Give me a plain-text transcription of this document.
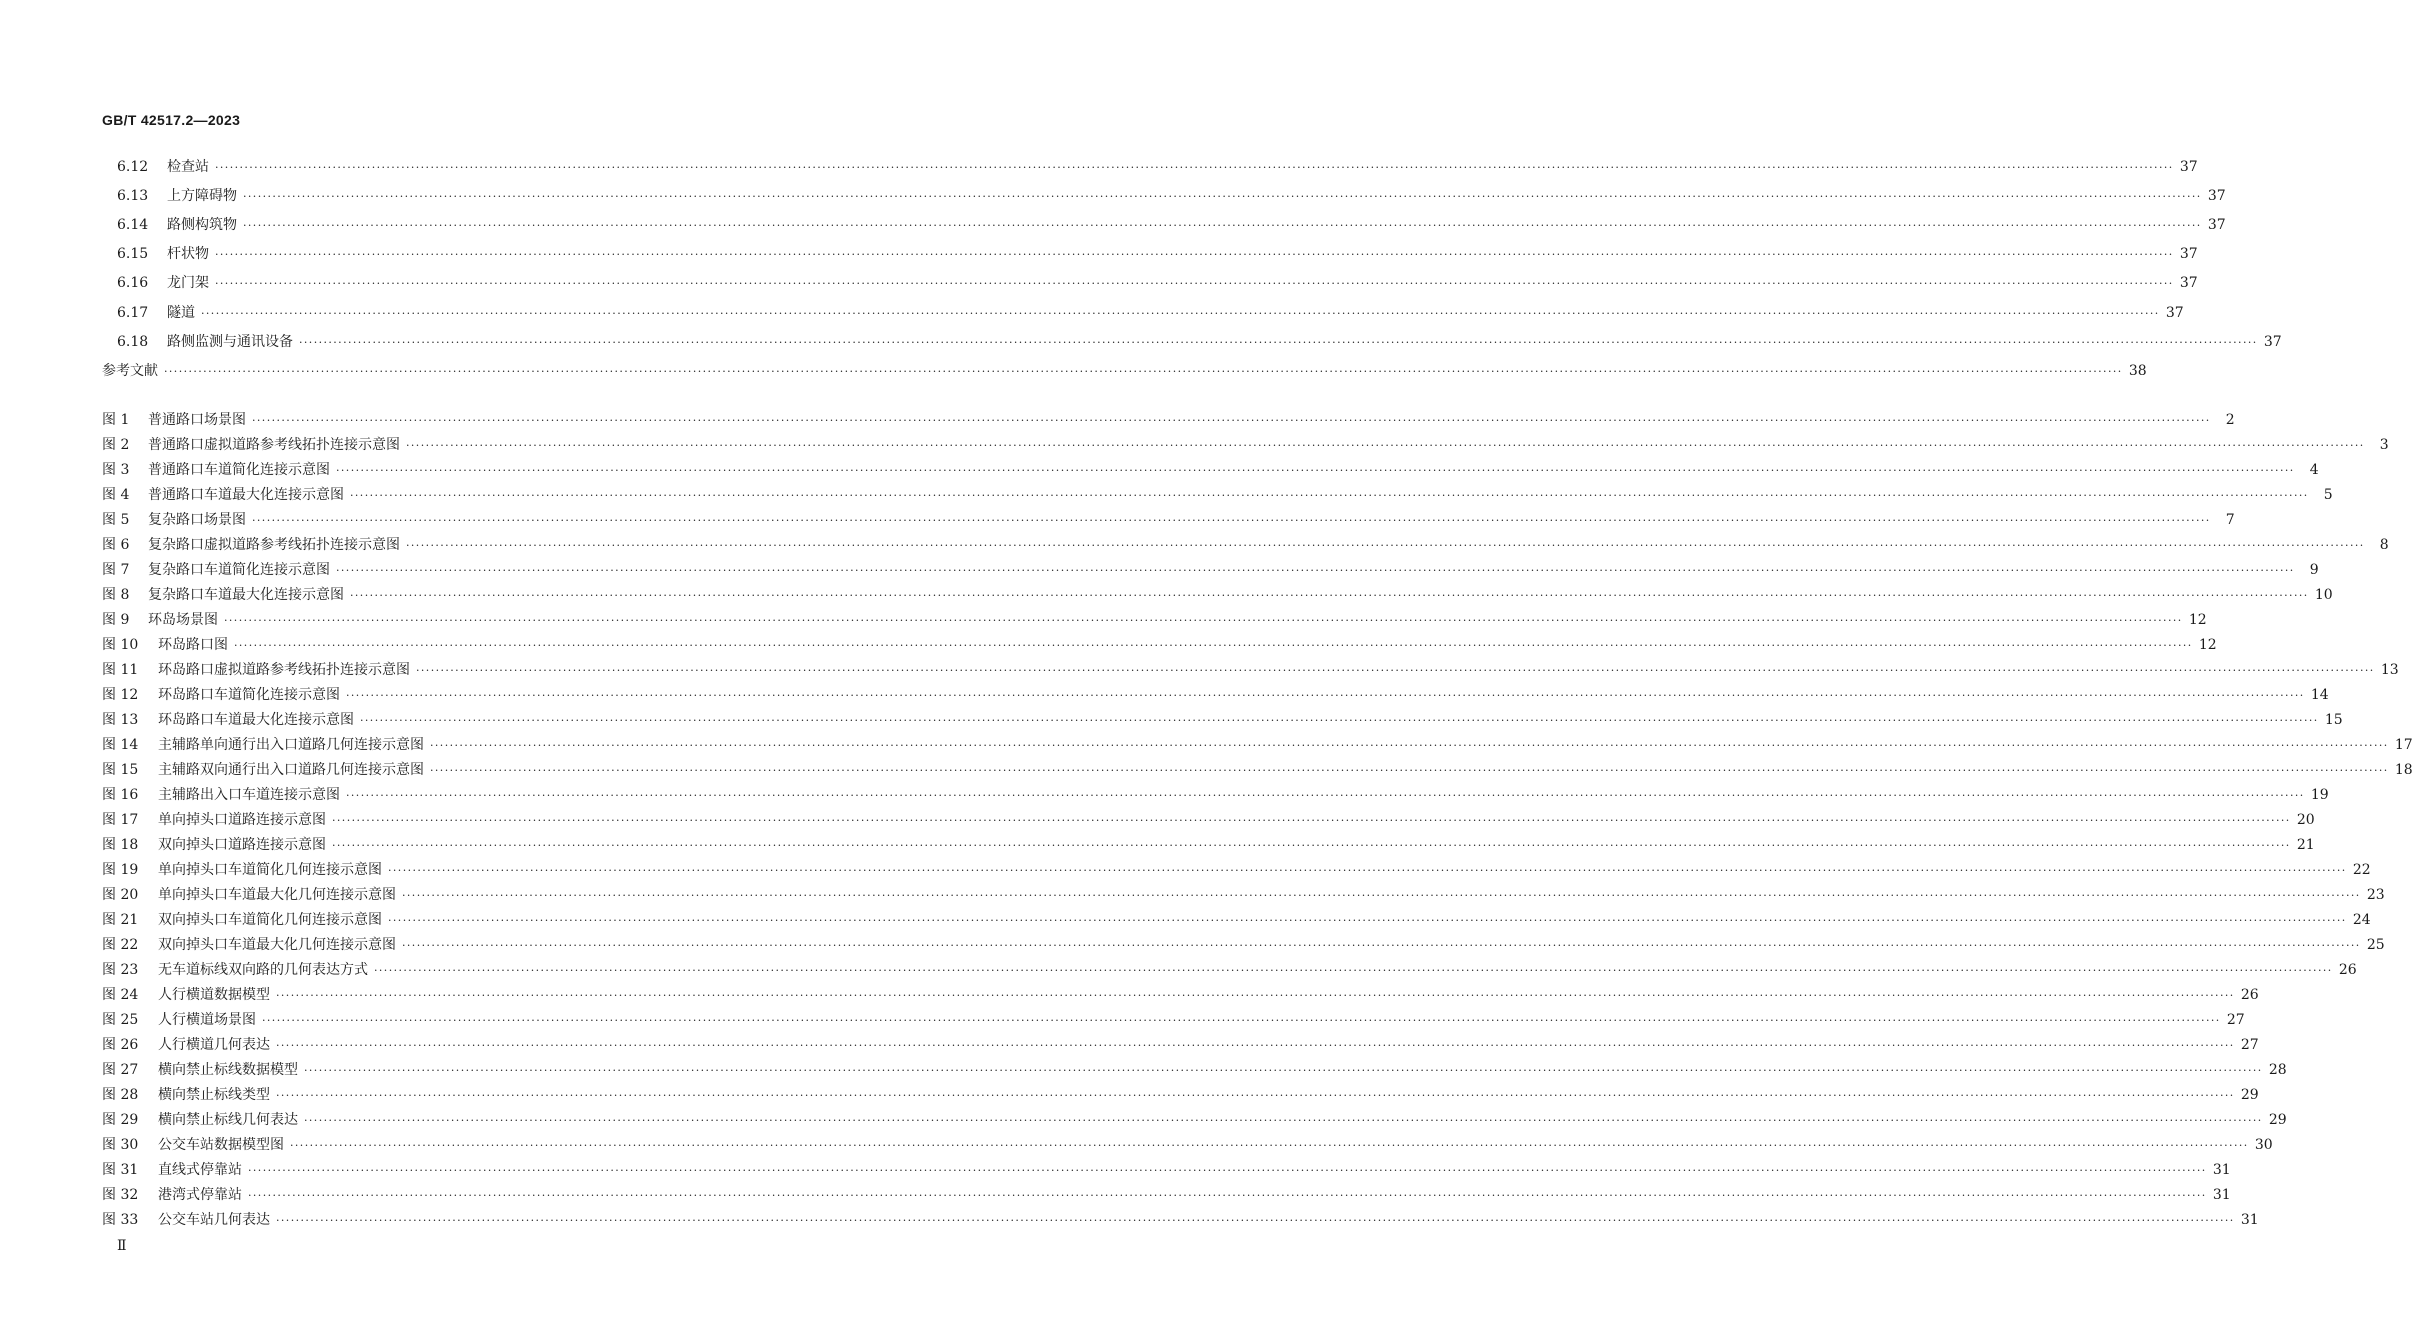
GB/T 42517.2—2023
6.12	检查站 ················································································································································································································································································································································································································ 37
6.13	上方障碍物 ················································································································································································································································································································································································································ 37
6.14	路侧构筑物 ················································································································································································································································································································································································································ 37
6.15	杆状物 ················································································································································································································································································································································································································ 37
6.16	龙门架 ················································································································································································································································································································································································································ 37
6.17	隧道 ················································································································································································································································································································································································································ 37
6.18	路侧监测与通讯设备 ················································································································································································································································································································································································································ 37
参考文献 ················································································································································································································································································································································································································ 38
图 1	普通路口场景图 ················································································································································································································································································································································································································	2
图 2	普通路口虚拟道路参考线拓扑连接示意图 ················································································································································································································································································································································································································	3
图 3	普通路口车道简化连接示意图 ················································································································································································································································································································································································································	4
图 4	普通路口车道最大化连接示意图 ················································································································································································································································································································································································································	5
图 5	复杂路口场景图 ················································································································································································································································································································································································································	7
图 6	复杂路口虚拟道路参考线拓扑连接示意图 ················································································································································································································································································································································································································	8
图 7	复杂路口车道简化连接示意图 ················································································································································································································································································································································································································	9
图 8	复杂路口车道最大化连接示意图 ················································································································································································································································································································································································································ 10
图 9	环岛场景图 ················································································································································································································································································································································································································ 12
图 10	环岛路口图 ················································································································································································································································································································································································································ 12
图 11	环岛路口虚拟道路参考线拓扑连接示意图 ················································································································································································································································································································································································································ 13
图 12	环岛路口车道简化连接示意图 ················································································································································································································································································································································································································ 14
图 13	环岛路口车道最大化连接示意图 ················································································································································································································································································································································································································ 15
图 14	主辅路单向通行出入口道路几何连接示意图 ················································································································································································································································································································································································································ 17
图 15	主辅路双向通行出入口道路几何连接示意图 ················································································································································································································································································································································································································ 18
图 16	主辅路出入口车道连接示意图 ················································································································································································································································································································································································································ 19
图 17	单向掉头口道路连接示意图 ················································································································································································································································································································································································································ 20
图 18	双向掉头口道路连接示意图 ················································································································································································································································································································································································································ 21
图 19	单向掉头口车道简化几何连接示意图 ················································································································································································································································································································································································································ 22
图 20	单向掉头口车道最大化几何连接示意图 ················································································································································································································································································································································································································ 23
图 21	双向掉头口车道简化几何连接示意图 ················································································································································································································································································································································································································ 24
图 22	双向掉头口车道最大化几何连接示意图 ················································································································································································································································································································································································································ 25
图 23	无车道标线双向路的几何表达方式 ················································································································································································································································································································································································································ 26
图 24	人行横道数据模型 ················································································································································································································································································································································································································ 26
图 25	人行横道场景图 ················································································································································································································································································································································································································ 27
图 26	人行横道几何表达 ················································································································································································································································································································································································································ 27
图 27	横向禁止标线数据模型 ················································································································································································································································································································································································································ 28
图 28	横向禁止标线类型 ················································································································································································································································································································································································································ 29
图 29	横向禁止标线几何表达 ················································································································································································································································································································································································································ 29
图 30	公交车站数据模型图 ················································································································································································································································································································································································································ 30
图 31	直线式停靠站 ················································································································································································································································································································································································································ 31
图 32	港湾式停靠站 ················································································································································································································································································································································································································ 31
图 33	公交车站几何表达 ················································································································································································································································································································································································································ 31
Ⅱ
